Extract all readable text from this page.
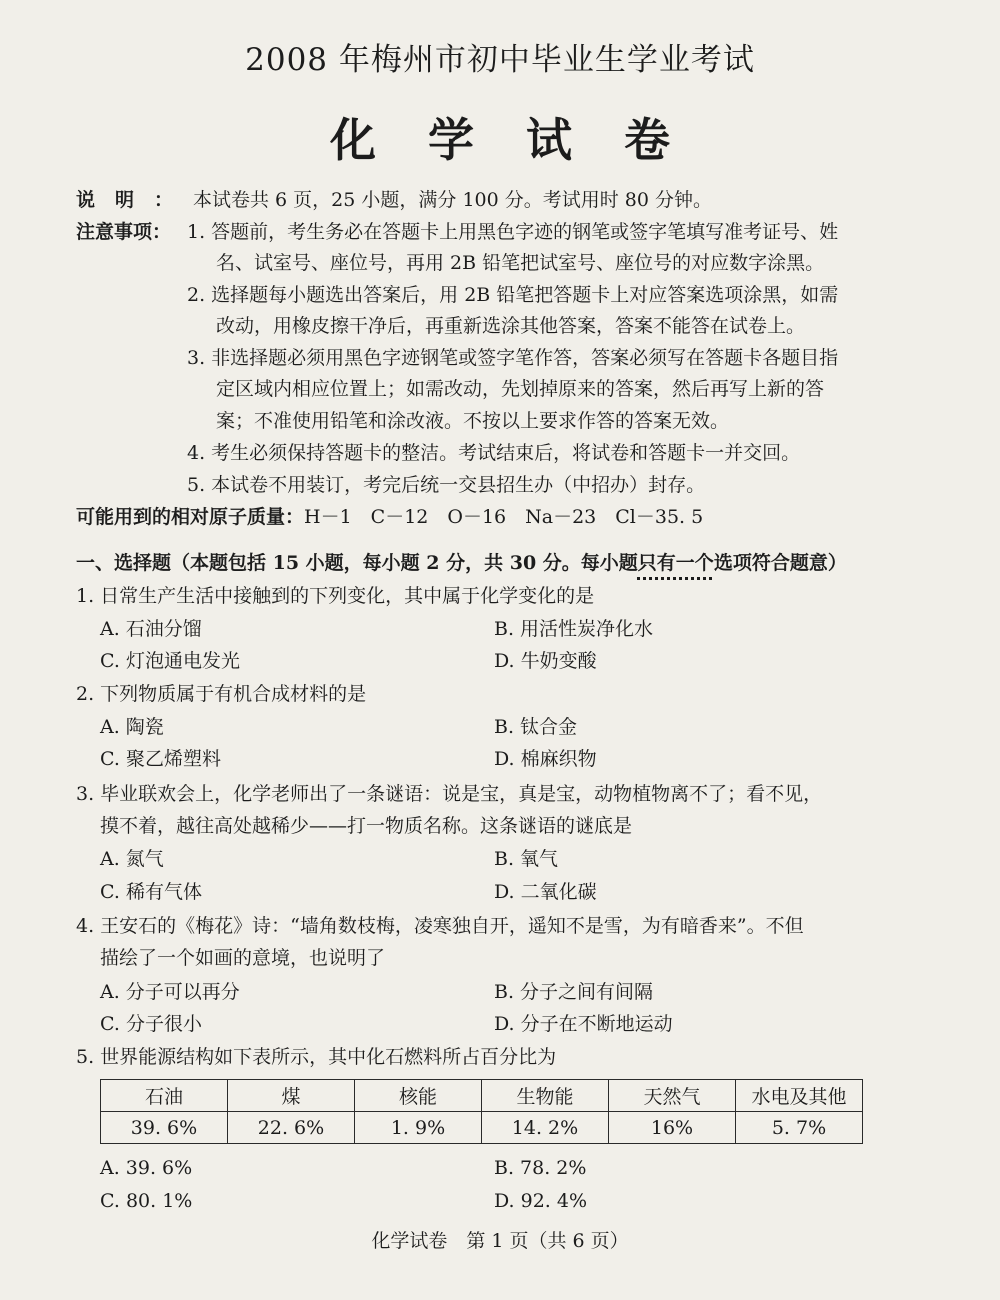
2008 年梅州市初中毕业生学业考试
化学试卷
说明：本试卷共 6 页，25 小题，满分 100 分。考试用时 80 分钟。
注意事项： 1. 答题前，考生务必在答题卡上用黑色字迹的钢笔或签字笔填写准考证号、姓
名、试室号、座位号，再用 2B 铅笔把试室号、座位号的对应数字涂黑。
2. 选择题每小题选出答案后，用 2B 铅笔把答题卡上对应答案选项涂黑，如需
改动，用橡皮擦干净后，再重新选涂其他答案，答案不能答在试卷上。
3. 非选择题必须用黑色字迹钢笔或签字笔作答，答案必须写在答题卡各题目指
定区域内相应位置上；如需改动，先划掉原来的答案，然后再写上新的答
案；不准使用铅笔和涂改液。不按以上要求作答的答案无效。
4. 考生必须保持答题卡的整洁。考试结束后，将试卷和答题卡一并交回。
5. 本试卷不用装订，考完后统一交县招生办（中招办）封存。
可能用到的相对原子质量：H－1　C－12　O－16　Na－23　Cl－35. 5
一、选择题（本题包括 15 小题，每小题 2 分，共 30 分。每小题只有一个选项符合题意）
1. 日常生产生活中接触到的下列变化，其中属于化学变化的是
A. 石油分馏	B. 用活性炭净化水
C. 灯泡通电发光	D. 牛奶变酸
2. 下列物质属于有机合成材料的是
A. 陶瓷	B. 钛合金
C. 聚乙烯塑料	D. 棉麻织物
3. 毕业联欢会上，化学老师出了一条谜语：说是宝，真是宝，动物植物离不了；看不见，
摸不着，越往高处越稀少——打一物质名称。这条谜语的谜底是
A. 氮气	B. 氧气
C. 稀有气体	D. 二氧化碳
4. 王安石的《梅花》诗：“墙角数枝梅，凌寒独自开，遥知不是雪，为有暗香来”。不但
描绘了一个如画的意境，也说明了
A. 分子可以再分	B. 分子之间有间隔
C. 分子很小	D. 分子在不断地运动
5. 世界能源结构如下表所示，其中化石燃料所占百分比为
石油	煤	核能	生物能	天然气	水电及其他
39. 6%	22. 6%	1. 9%	14. 2%	16%	5. 7%
A. 39. 6%	B. 78. 2%
C. 80. 1%	D. 92. 4%
化学试卷　第 1 页（共 6 页）
